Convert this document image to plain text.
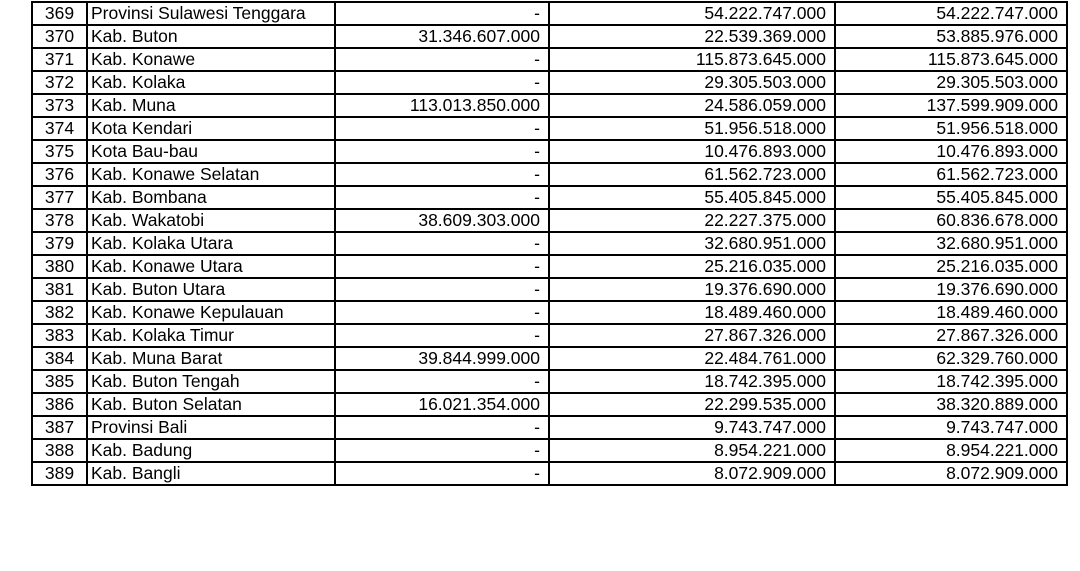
369	Provinsi Sulawesi Tenggara	-	54.222.747.000	54.222.747.000
370	Kab. Buton	31.346.607.000	22.539.369.000	53.885.976.000
371	Kab. Konawe	-	115.873.645.000	115.873.645.000
372	Kab. Kolaka	-	29.305.503.000	29.305.503.000
373	Kab. Muna	113.013.850.000	24.586.059.000	137.599.909.000
374	Kota Kendari	-	51.956.518.000	51.956.518.000
375	Kota Bau-bau	-	10.476.893.000	10.476.893.000
376	Kab. Konawe Selatan	-	61.562.723.000	61.562.723.000
377	Kab. Bombana	-	55.405.845.000	55.405.845.000
378	Kab. Wakatobi	38.609.303.000	22.227.375.000	60.836.678.000
379	Kab. Kolaka Utara	-	32.680.951.000	32.680.951.000
380	Kab. Konawe Utara	-	25.216.035.000	25.216.035.000
381	Kab. Buton Utara	-	19.376.690.000	19.376.690.000
382	Kab. Konawe Kepulauan	-	18.489.460.000	18.489.460.000
383	Kab. Kolaka Timur	-	27.867.326.000	27.867.326.000
384	Kab. Muna Barat	39.844.999.000	22.484.761.000	62.329.760.000
385	Kab. Buton Tengah	-	18.742.395.000	18.742.395.000
386	Kab. Buton Selatan	16.021.354.000	22.299.535.000	38.320.889.000
387	Provinsi Bali	-	9.743.747.000	9.743.747.000
388	Kab. Badung	-	8.954.221.000	8.954.221.000
389	Kab. Bangli	-	8.072.909.000	8.072.909.000
